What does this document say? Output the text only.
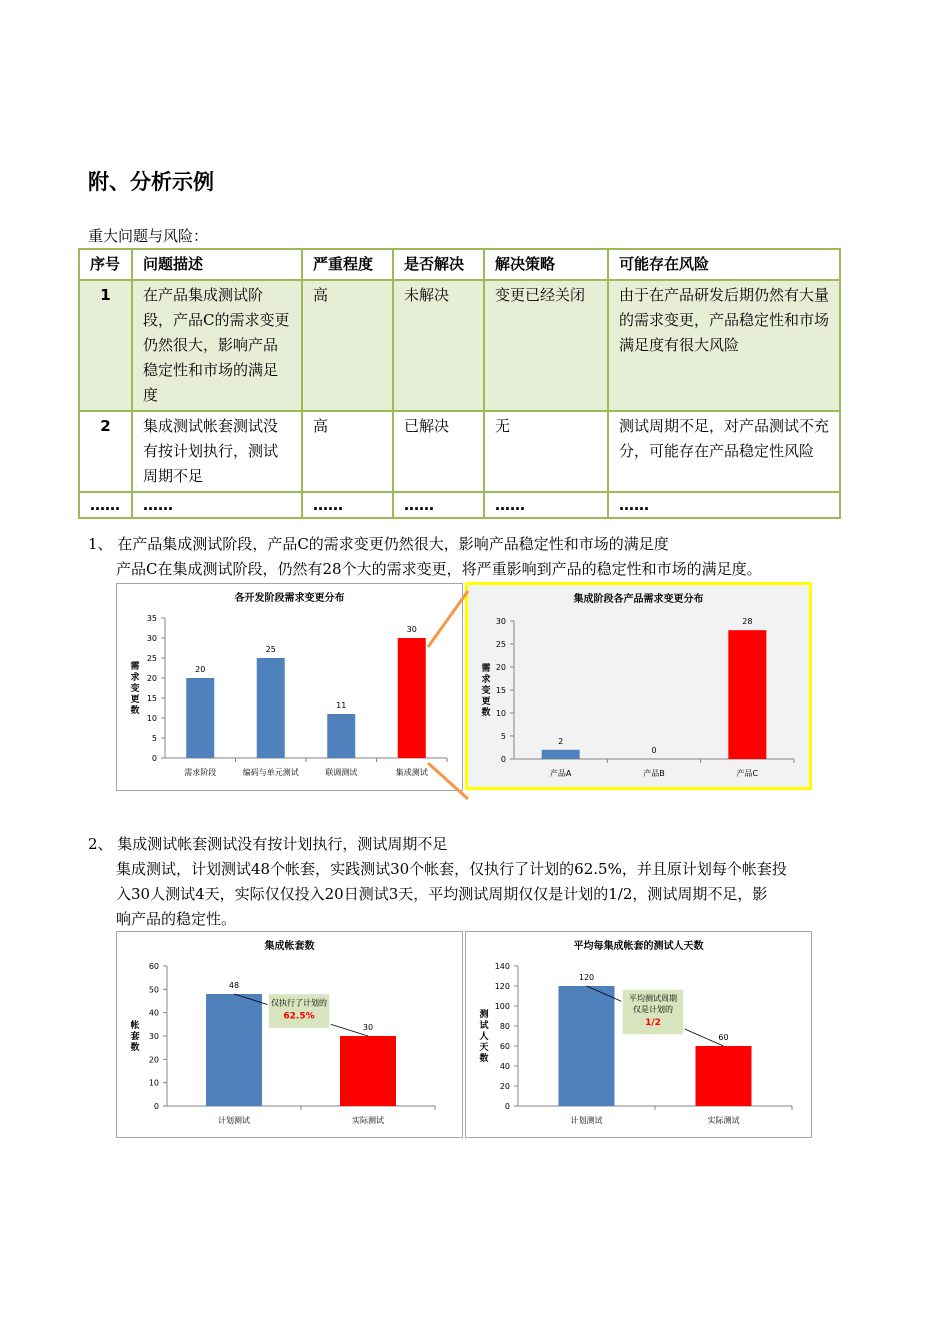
附、分析示例
重大问题与风险：
序号	问题描述	严重程度	是否解决	解决策略	可能存在风险
1	在产品集成测试阶段，产品C的需求变更仍然很大，影响产品稳定性和市场的满足度	高	未解决	变更已经关闭	由于在产品研发后期仍然有大量的需求变更，产品稳定性和市场满足度有很大风险
2	集成测试帐套测试没有按计划执行，测试周期不足	高	已解决	无	测试周期不足，对产品测试不充分，可能存在产品稳定性风险
……	……	……	……	……	……
1、 在产品集成测试阶段，产品C的需求变更仍然很大，影响产品稳定性和市场的满足度
产品C在集成测试阶段，仍然有28个大的需求变更，将严重影响到产品的稳定性和市场的满足度。
各开发阶段需求变更分布
需求变更数
0
5
10
15
20
25
30
35
20
需求阶段
25
编码与单元测试
11
联调测试
30
集成测试
集成阶段各产品需求变更分布
需求变更数
0
5
10
15
20
25
30
2
产品A
0
产品B
28
产品C
2、 集成测试帐套测试没有按计划执行，测试周期不足
集成测试，计划测试48个帐套，实践测试30个帐套，仅执行了计划的62.5%，并且原计划每个帐套投
入30人测试4天，实际仅仅投入20日测试3天，平均测试周期仅仅是计划的1/2，测试周期不足，影
响产品的稳定性。
集成帐套数
帐套数
0
10
20
30
40
50
60
48
计划测试
30
实际测试
仅执行了计划的
62.5%
平均每集成帐套的测试人天数
测试人天数
0
20
40
60
80
100
120
140
120
计划测试
60
实际测试
平均测试周期
仅是计划的
1/2
